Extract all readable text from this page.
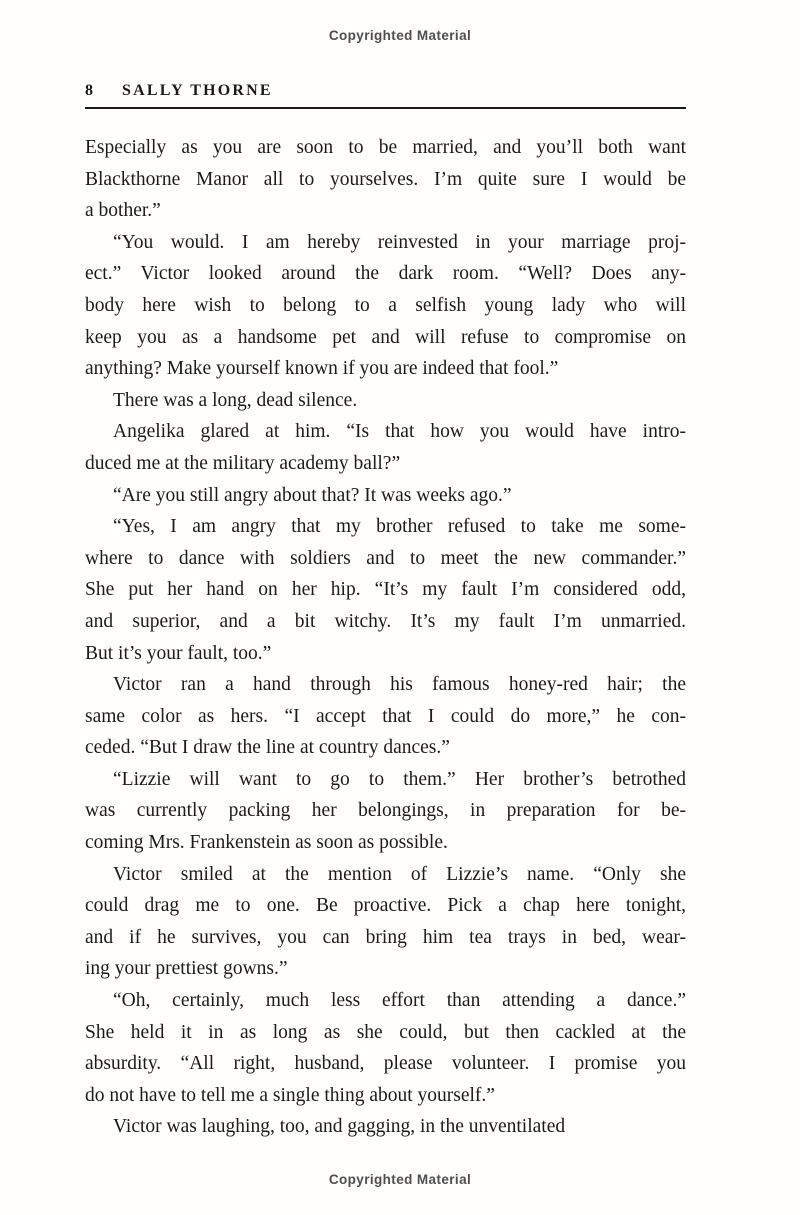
Copyrighted Material
8 SALLY THORNE
Especially as you are soon to be married, and you’ll both want
Blackthorne Manor all to yourselves. I’m quite sure I would be
a bother.”
“You would. I am hereby reinvested in your marriage proj-
ect.” Victor looked around the dark room. “Well? Does any-
body here wish to belong to a selfish young lady who will
keep you as a handsome pet and will refuse to compromise on
anything? Make yourself known if you are indeed that fool.”
There was a long, dead silence.
Angelika glared at him. “Is that how you would have intro-
duced me at the military academy ball?”
“Are you still angry about that? It was weeks ago.”
“Yes, I am angry that my brother refused to take me some-
where to dance with soldiers and to meet the new commander.”
She put her hand on her hip. “It’s my fault I’m considered odd,
and superior, and a bit witchy. It’s my fault I’m unmarried.
But it’s your fault, too.”
Victor ran a hand through his famous honey-red hair; the
same color as hers. “I accept that I could do more,” he con-
ceded. “But I draw the line at country dances.”
“Lizzie will want to go to them.” Her brother’s betrothed
was currently packing her belongings, in preparation for be-
coming Mrs. Frankenstein as soon as possible.
Victor smiled at the mention of Lizzie’s name. “Only she
could drag me to one. Be proactive. Pick a chap here tonight,
and if he survives, you can bring him tea trays in bed, wear-
ing your prettiest gowns.”
“Oh, certainly, much less effort than attending a dance.”
She held it in as long as she could, but then cackled at the
absurdity. “All right, husband, please volunteer. I promise you
do not have to tell me a single thing about yourself.”
Victor was laughing, too, and gagging, in the unventilated
Copyrighted Material
